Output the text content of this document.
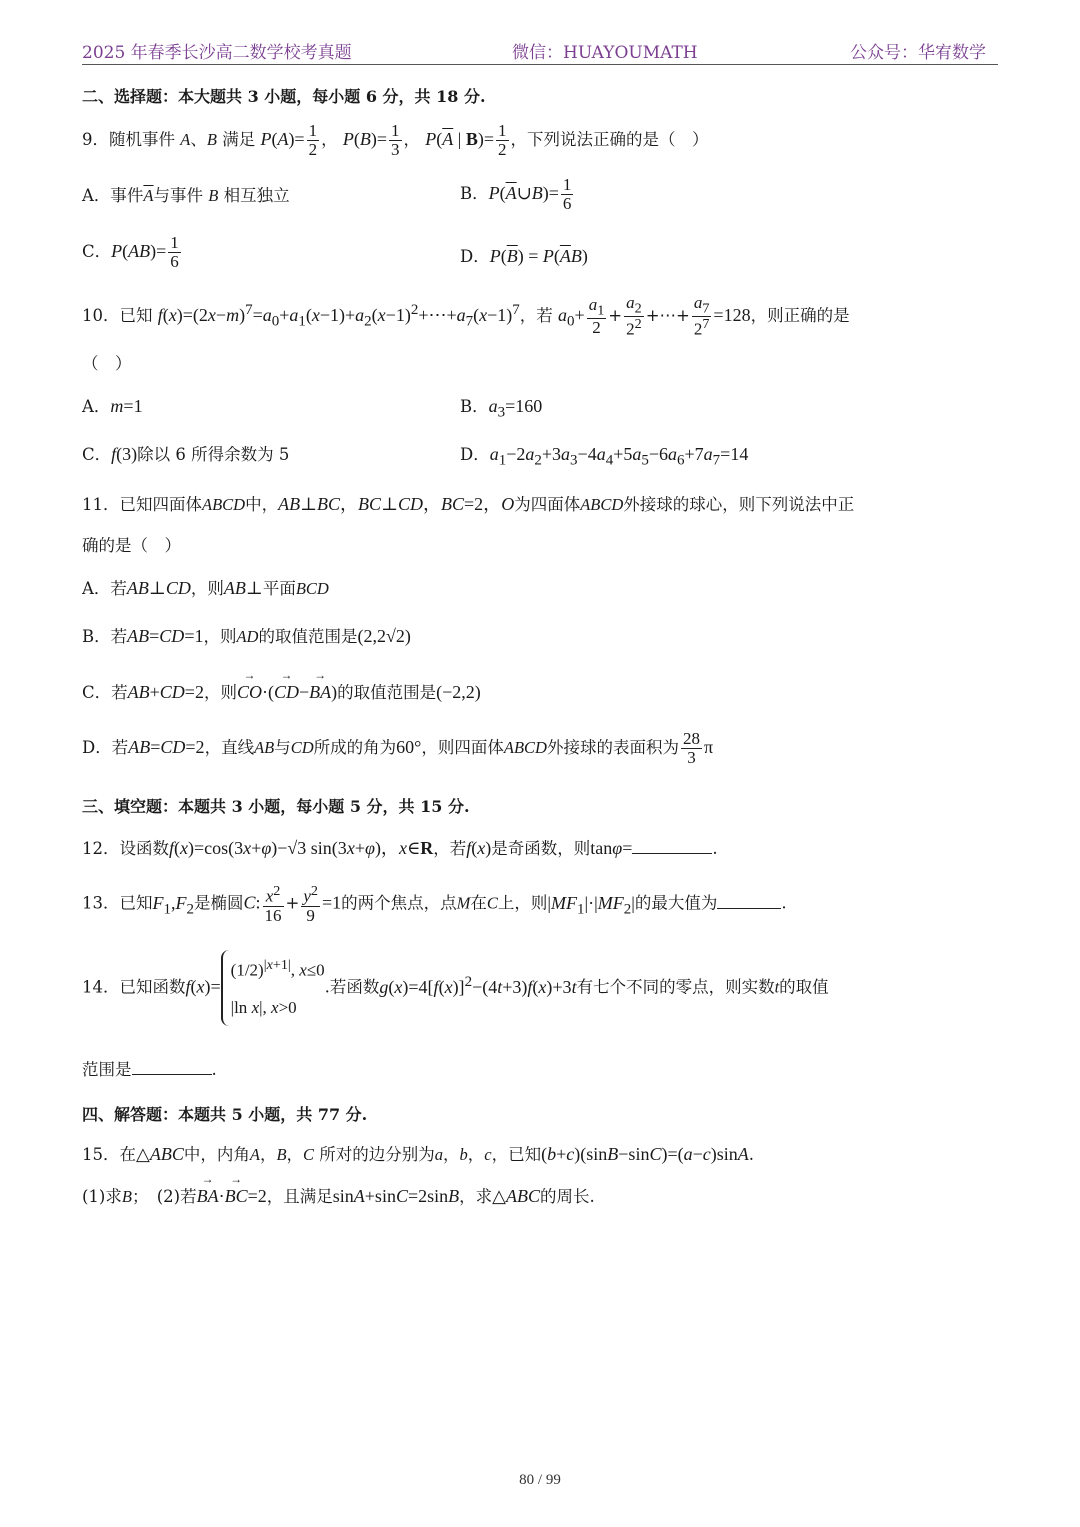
2025 年春季长沙高二数学校考真题	微信：HUAYOUMATH	公众号：华宥数学
二、选择题：本大题共 3 小题，每小题 6 分，共 18 分.
9．随机事件 A、B 满足 $P(A)= \frac{1}{2}$ ， $P(B)= \frac{1}{3}$ ， $P(\overline{A}$ | $B)= \frac{1}{2}$ ，下列说法正确的是（　）
A．事件$\overline{A}$与事件 B 相互独立	B．$P(\overline{A}\cup B)= \frac{1}{6}$
C．$P(AB)= \frac{1}{6}$	D．$P(\overline{B}) = P(\overline{A}B)$
10．已知 $f(x)=(2x-m)^7=a_0+a_1(x-1)+a_2(x-1)^2+\cdots+a_7(x-1)^7$，若 $a_0+ \frac{a_1}{2} + \frac{a_2}{2^2}$ +⋯+ $\frac{a_7}{2^7} =128$，则正确的是
（　）
A．m=1	B．$a_3=160$
C．f(3)除以 6 所得余数为 5	D．$a_1-2a_2+3a_3-4a_4+5a_5-6a_6+7a_7=14$
11．已知四面体ABCD中，AB⊥BC，BC⊥CD，BC=2，O为四面体ABCD外接球的球心，则下列说法中正
确的是（　）
A．若AB⊥CD，则AB⊥平面BCD
B．若AB=CD=1，则AD的取值范围是(2,2√2)
C．若AB+CD=2，则→ CO·(→ CD−→ BA)的取值范围是(−2,2)
D．若AB=CD=2，直线AB与CD所成的角为60°，则四面体ABCD外接球的表面积为 $\frac{28}{3}$ π
三、填空题：本题共 3 小题，每小题 5 分，共 15 分.
12．设函数f(x)=cos(3x+φ)−√3 sin(3x+φ)，x∈R，若f(x)是奇函数，则tanφ=	.
13．已知$F_1,F_2$是椭圆C: $\frac{x^2}{16} + \frac{y^2}{9} =1$的两个焦点，点M在C上，则$|MF_1|\cdot|MF_2|$的最大值为	.
14．已知函数$f(x)=(1/2)^{|x+1|}$, x≤0
|ln x|, x>0.若函数$g(x)=4[f(x)]^2-(4t+3)f(x)+3t$有七个不同的零点，则实数t的取值
范围是	.
四、解答题：本题共 5 小题，共 77 分.
15．在△ABC中，内角A，B，C 所对的边分别为a，b，c，已知(b+c)(sinB−sinC)=(a−c)sinA.
(1)求B；　(2)若→ BA·→ BC=2，且满足sinA+sinC=2sinB，求△ABC的周长.
80 / 99
